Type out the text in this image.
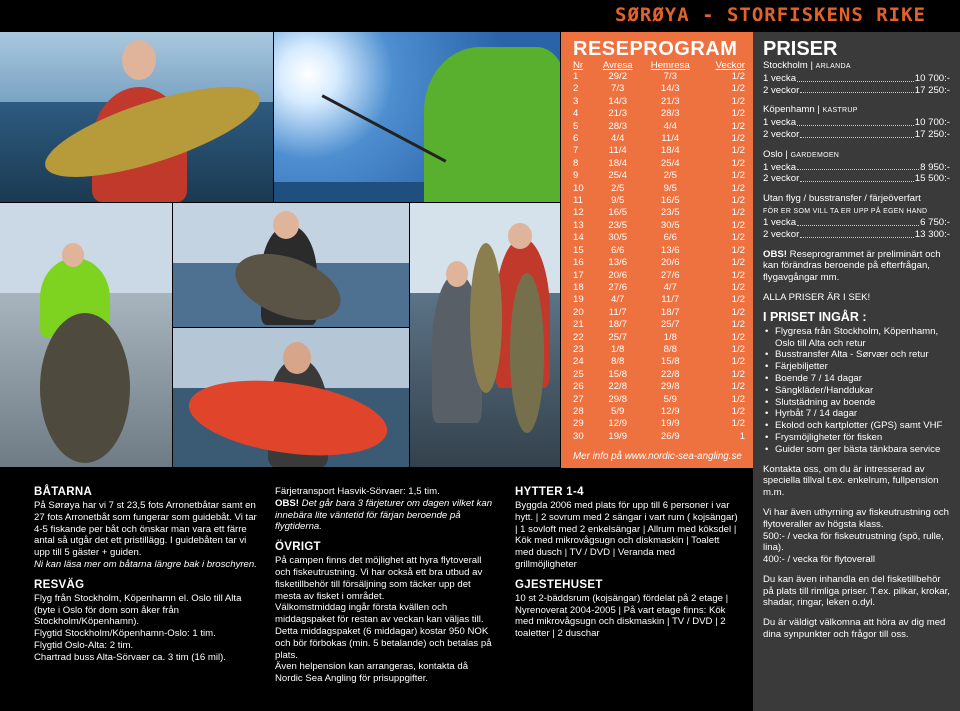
SØRØYA - STORFISKENS RIKE
RESEPROGRAM
Nr	Avresa	Hemresa	Veckor
1	29/2	7/3	1/2
2	7/3	14/3	1/2
3	14/3	21/3	1/2
4	21/3	28/3	1/2
5	28/3	4/4	1/2
6	4/4	11/4	1/2
7	11/4	18/4	1/2
8	18/4	25/4	1/2
9	25/4	2/5	1/2
10	2/5	9/5	1/2
11	9/5	16/5	1/2
12	16/5	23/5	1/2
13	23/5	30/5	1/2
14	30/5	6/6	1/2
15	6/6	13/6	1/2
16	13/6	20/6	1/2
17	20/6	27/6	1/2
18	27/6	4/7	1/2
19	4/7	11/7	1/2
20	11/7	18/7	1/2
21	18/7	25/7	1/2
22	25/7	1/8	1/2
23	1/8	8/8	1/2
24	8/8	15/8	1/2
25	15/8	22/8	1/2
26	22/8	29/8	1/2
27	29/8	5/9	1/2
28	5/9	12/9	1/2
29	12/9	19/9	1/2
30	19/9	26/9	1
Mer info på www.nordic-sea-angling.se
PRISER
Stockholm | ARLANDA
1 vecka	10 700:-
2 veckor	17 250:-
Köpenhamn | KASTRUP
1 vecka	10 700:-
2 veckor	17 250:-
Oslo | GARDEMOEN
1 vecka	8 950:-
2 veckor	15 500:-
Utan flyg / busstransfer / färjeöverfart
FÖR ER SOM VILL TA ER UPP PÅ EGEN HAND
1 vecka	6 750:-
2 veckor	13 300:-

OBS! Reseprogrammet är preliminärt och kan förändras beroende på efterfrågan, flygavgångar mm.

ALLA PRISER ÄR I SEK!

I PRISET INGÅR :
• Flygresa från Stockholm, Köpenhamn, Oslo till Alta och retur
• Busstransfer Alta - Sørvær och retur
• Färjebiljetter
• Boende 7 / 14 dagar
• Sängkläder/Handdukar
• Slutstädning av boende
• Hyrbåt 7 / 14 dagar
• Ekolod och kartplotter (GPS) samt VHF
• Frysmöjligheter för fisken
• Guider som ger bästa tänkbara service

Kontakta oss, om du är intresserad av speciella tillval t.ex. enkelrum, fullpension m.m.

Vi har även uthyrning av fiskeutrustning och flytoveraller av högsta klass.
500:- / vecka för fiskeutrustning (spö, rulle, lina).
400:- / vecka för flytoverall

Du kan även inhandla en del fisketillbehör på plats till rimliga priser. T.ex. pilkar, krokar, shadar, ringar, leken o.dyl.

Du är väldigt välkomna att höra av dig med dina synpunkter och frågor till oss.

BÅTARNA
På Sørøya har vi 7 st 23,5 fots Arronetbåtar samt en 27 fots Arronetbåt som fungerar som guidebåt. Vi tar 4-5 fiskande per båt och önskar man vara ett färre antal så utgår det ett pristillägg. I guidebåten tar vi upp till 5 gäster + guiden.
Ni kan läsa mer om båtarna längre bak i broschyren.
RESVÄG
Flyg från Stockholm, Köpenhamn el. Oslo till Alta (byte i Oslo för dom som åker från Stockholm/Köpenhamn).
Flygtid Stockholm/Köpenhamn-Oslo: 1 tim.
Flygtid Oslo-Alta: 2 tim.
Chartrad buss Alta-Sörvaer ca. 3 tim (16 mil).
Färjetransport Hasvik-Sörvaer: 1,5 tim.
OBS! Det går bara 3 färjeturer om dagen vilket kan innebära lite väntetid för färjan beroende på flygtiderna.
ÖVRIGT
På campen finns det möjlighet att hyra flytoverall och fiskeutrustning. Vi har också ett bra utbud av fisketillbehör till försäljning som täcker upp det mesta av fisket i området.
Välkomstmiddag ingår första kvällen och middagspaket för restan av veckan kan väljas till. Detta middagspaket (6 middagar) kostar 950 NOK och bör förbokas (min. 5 betalande) och betalas på plats.
Även helpension kan arrangeras, kontakta då Nordic Sea Angling för prisuppgifter.
HYTTER 1-4
Byggda 2006 med plats för upp till 6 personer i var hytt. | 2 sovrum med 2 sängar i vart rum ( kojsängar) | 1 sovloft med 2 enkelsängar | Allrum med köksdel | Kök med mikrovågsugn och diskmaskin | Toalett med dusch | TV / DVD | Veranda med grillmöjligheter
GJESTEHUSET
10 st 2-bäddsrum (kojsängar) fördelat på 2 etage | Nyrenoverat 2004-2005 | På vart etage finns: Kök med mikrovågsugn och diskmaskin | TV / DVD | 2 toaletter | 2 duschar
